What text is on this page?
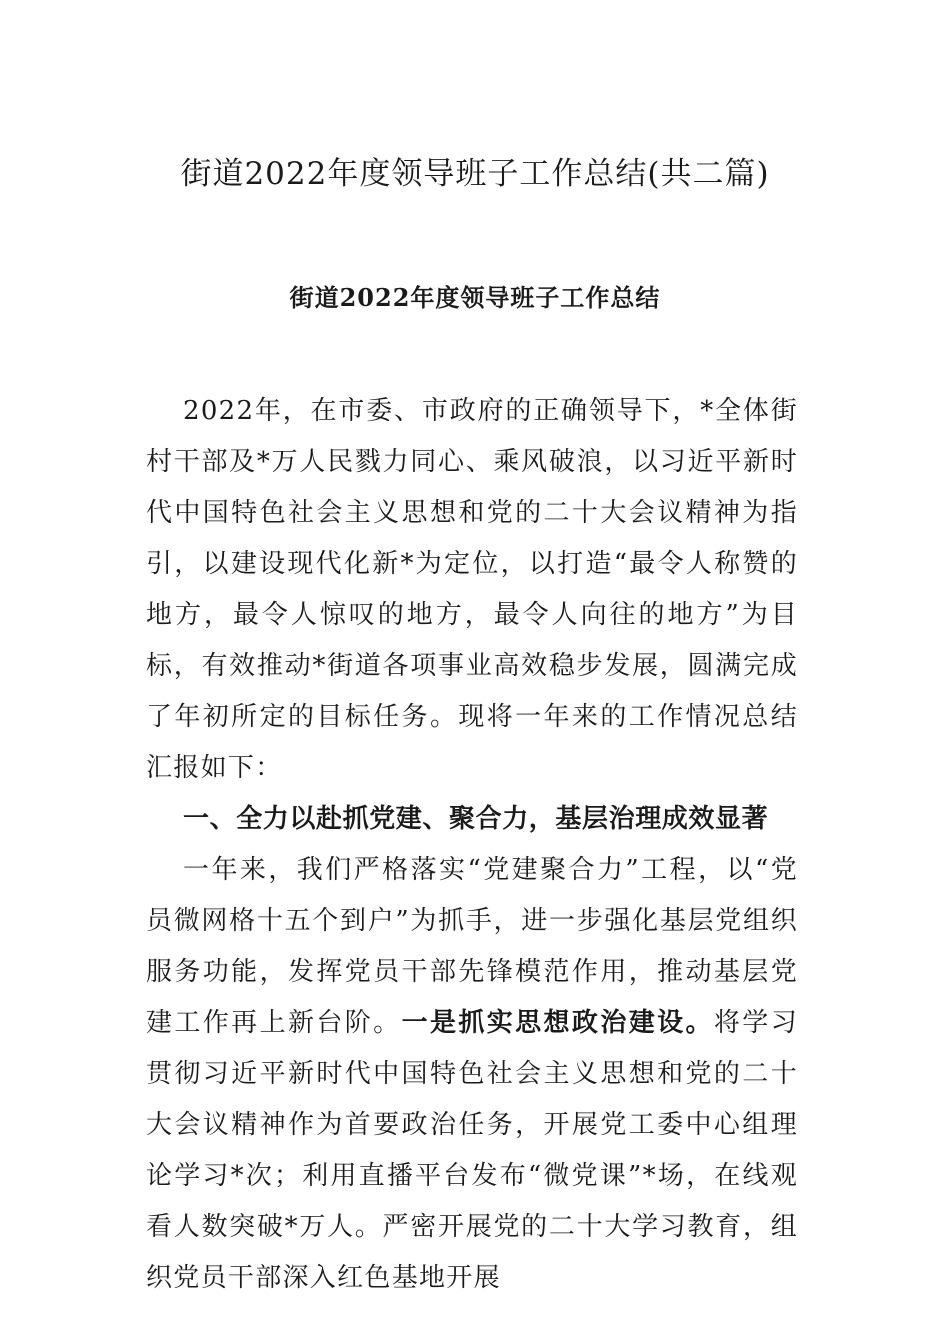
街道2022年度领导班子工作总结(共二篇)
街道2022年度领导班子工作总结

2022年，在市委、市政府的正确领导下，*全体街村干部及*万人民戮力同心、乘风破浪，以习近平新时代中国特色社会主义思想和党的二十大会议精神为指引，以建设现代化新*为定位，以打造“最令人称赞的地方，最令人惊叹的地方，最令人向往的地方”为目标，有效推动*街道各项事业高效稳步发展，圆满完成了年初所定的目标任务。现将一年来的工作情况总结汇报如下：

一、全力以赴抓党建、聚合力，基层治理成效显著

一年来，我们严格落实“党建聚合力”工程，以“党员微网格十五个到户”为抓手，进一步强化基层党组织服务功能，发挥党员干部先锋模范作用，推动基层党建工作再上新台阶。一是抓实思想政治建设。将学习贯彻习近平新时代中国特色社会主义思想和党的二十大会议精神作为首要政治任务，开展党工委中心组理论学习*次；利用直播平台发布“微党课”*场，在线观看人数突破*万人。严密开展党的二十大学习教育，组织党员干部深入红色基地开展
